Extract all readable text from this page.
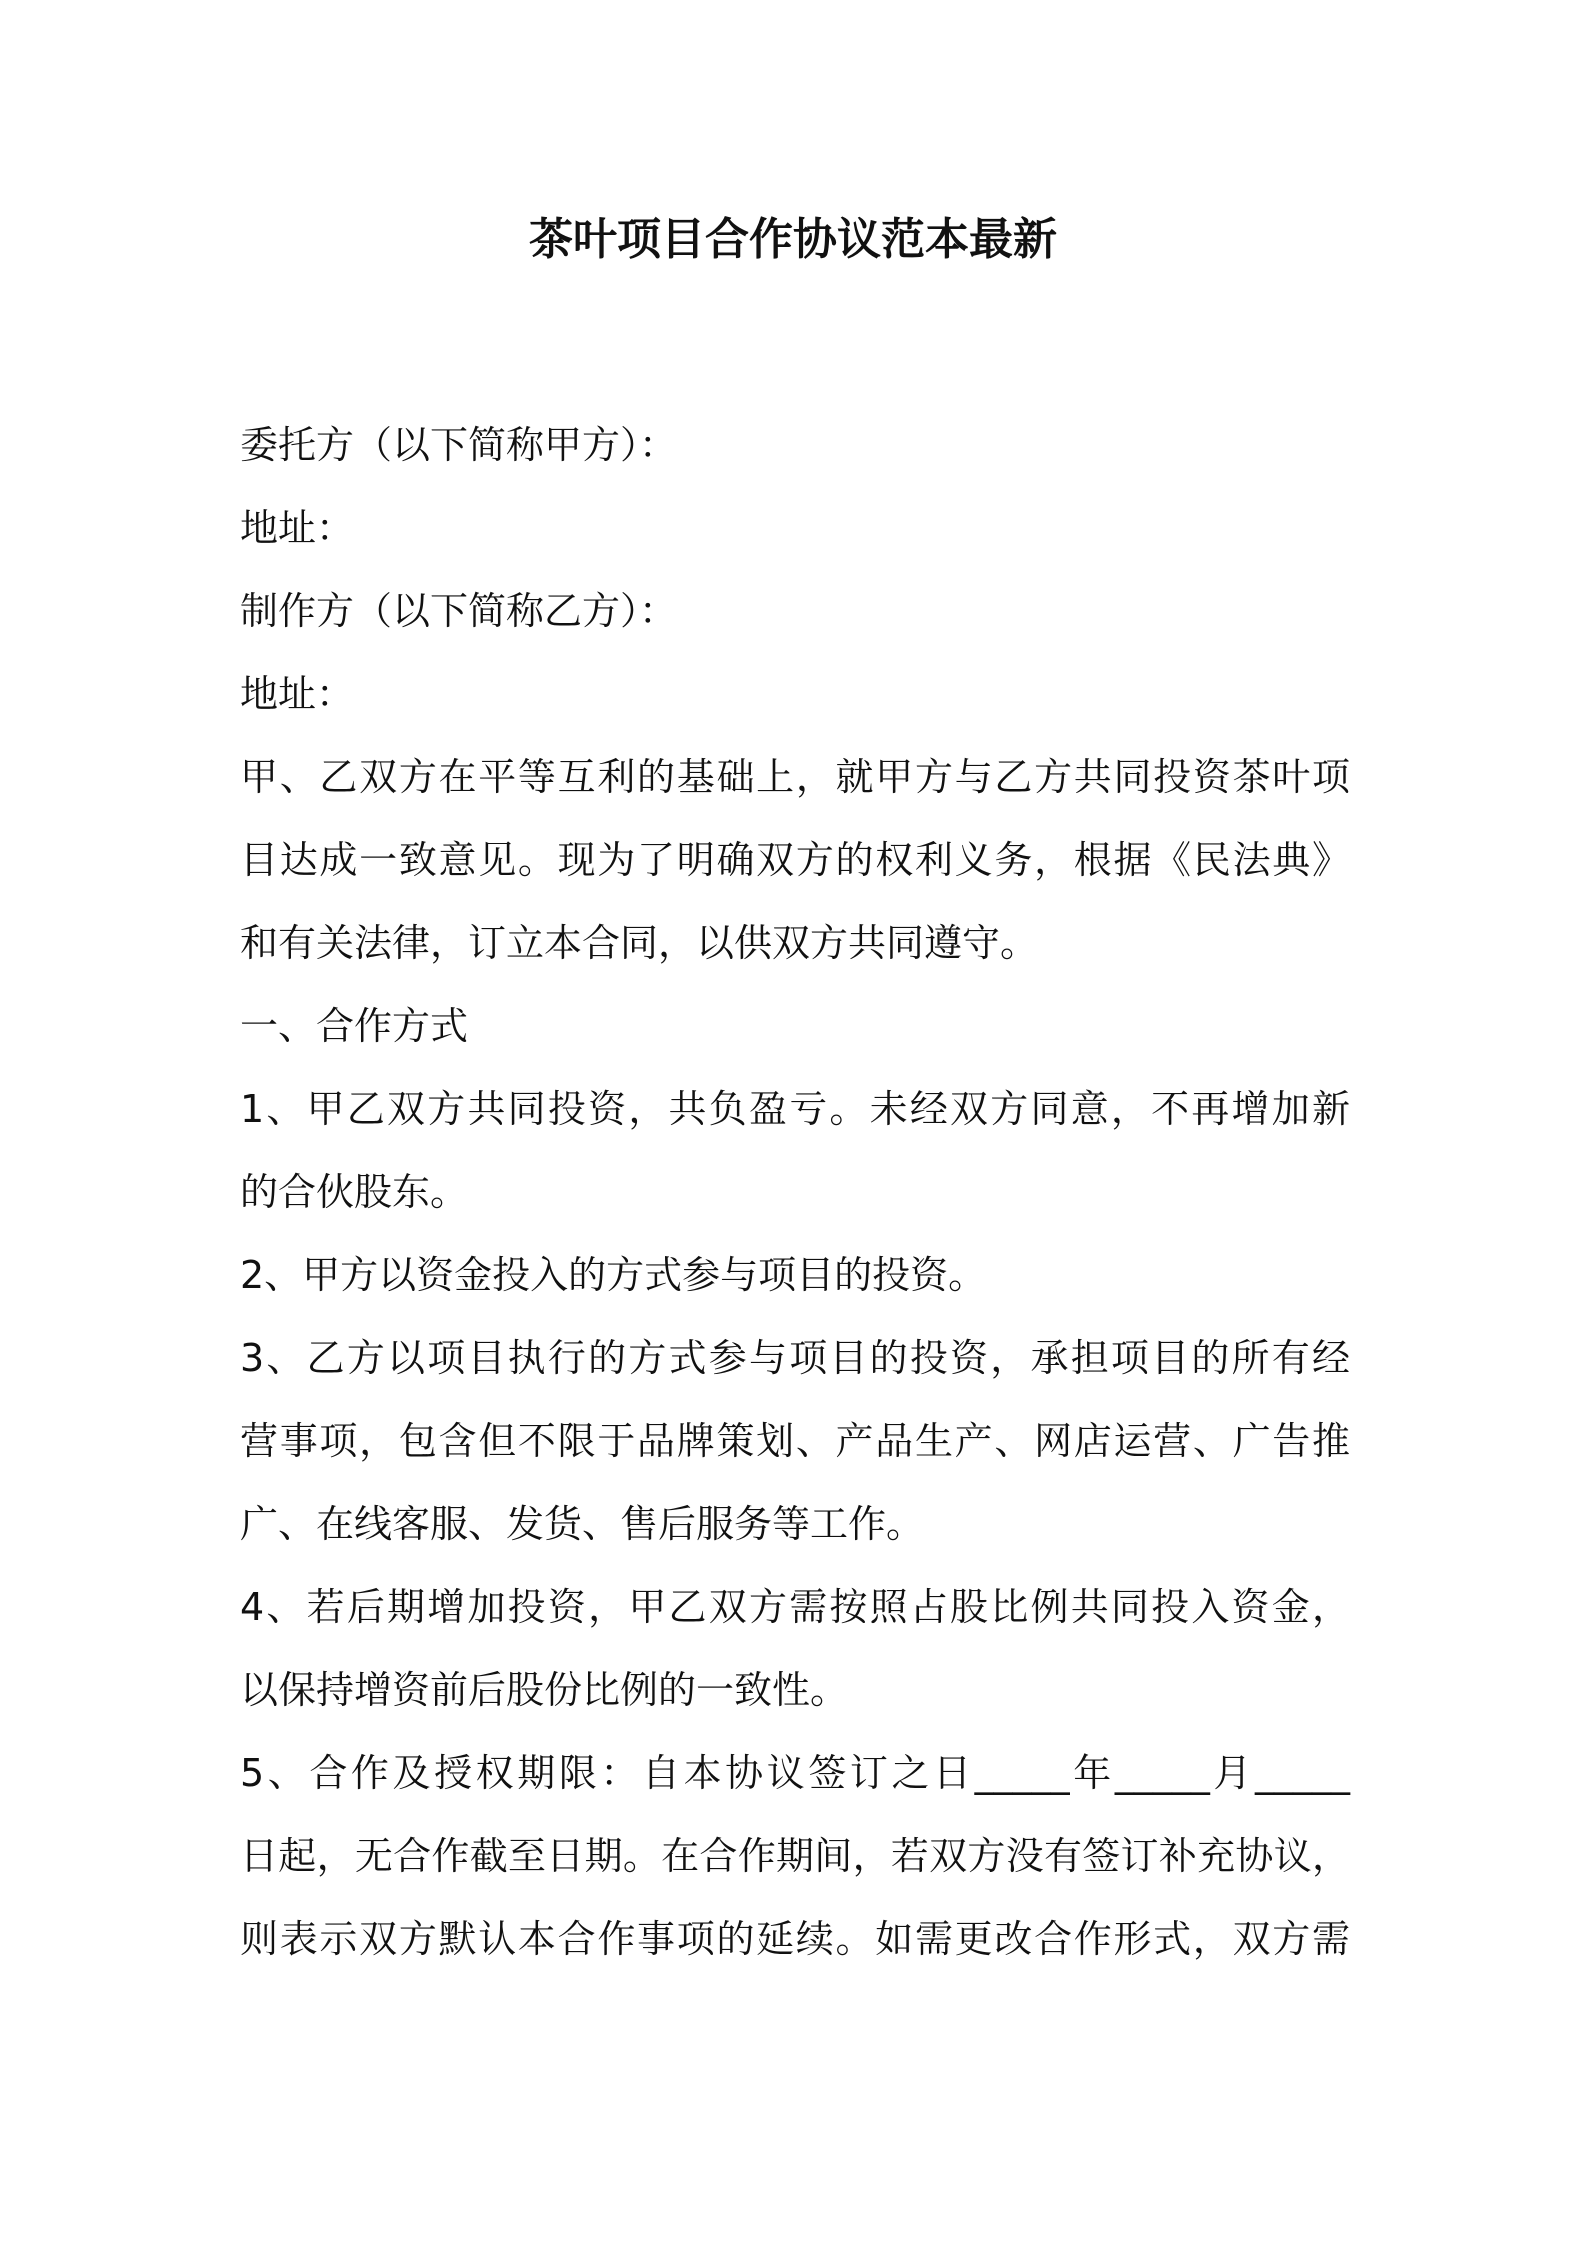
茶叶项目合作协议范本最新

委托方（以下简称甲方）：

地址：

制作方（以下简称乙方）：

地址：

甲、乙双方在平等互利的基础上，就甲方与乙方共同投资茶叶项

目达成一致意见。现为了明确双方的权利义务，根据《民法典》

和有关法律，订立本合同，以供双方共同遵守。

一、合作方式

1、甲乙双方共同投资，共负盈亏。未经双方同意，不再增加新

的合伙股东。

2、甲方以资金投入的方式参与项目的投资。

3、乙方以项目执行的方式参与项目的投资，承担项目的所有经

营事项，包含但不限于品牌策划、产品生产、网店运营、广告推

广、在线客服、发货、售后服务等工作。

4、若后期增加投资，甲乙双方需按照占股比例共同投入资金，

以保持增资前后股份比例的一致性。

5、合作及授权期限：自本协议签订之日_____年_____月_____

日起，无合作截至日期。在合作期间，若双方没有签订补充协议，

则表示双方默认本合作事项的延续。如需更改合作形式，双方需
